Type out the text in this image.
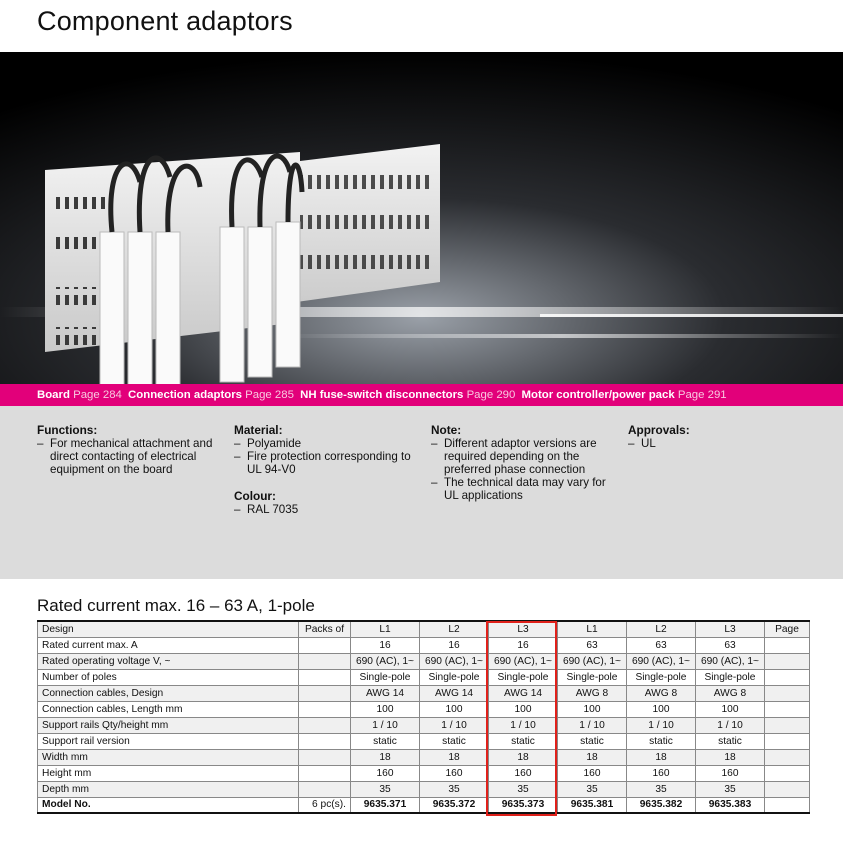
Component adaptors
Board Page 284 Connection adaptors Page 285 NH fuse-switch disconnectors Page 290 Motor controller/power pack Page 291
Functions:
– For mechanical attachment and direct contacting of electrical equipment on the board
Material:
– Polyamide
– Fire protection corresponding to UL 94-V0
Colour:
– RAL 7035
Note:
– Different adaptor versions are required depending on the preferred phase connection
– The technical data may vary for UL applications
Approvals:
– UL
Rated current max. 16 – 63 A, 1-pole
Design	Packs of	L1	L2	L3	L1	L2	L3	Page
Rated current max. A		16	16	16	63	63	63	
Rated operating voltage V, ~		690 (AC), 1~	690 (AC), 1~	690 (AC), 1~	690 (AC), 1~	690 (AC), 1~	690 (AC), 1~	
Number of poles		Single-pole	Single-pole	Single-pole	Single-pole	Single-pole	Single-pole	
Connection cables, Design		AWG 14	AWG 14	AWG 14	AWG 8	AWG 8	AWG 8	
Connection cables, Length mm		100	100	100	100	100	100	
Support rails Qty/height mm		1 / 10	1 / 10	1 / 10	1 / 10	1 / 10	1 / 10	
Support rail version		static	static	static	static	static	static	
Width mm		18	18	18	18	18	18	
Height mm		160	160	160	160	160	160	
Depth mm		35	35	35	35	35	35	
Model No.	6 pc(s).	9635.371	9635.372	9635.373	9635.381	9635.382	9635.383	
